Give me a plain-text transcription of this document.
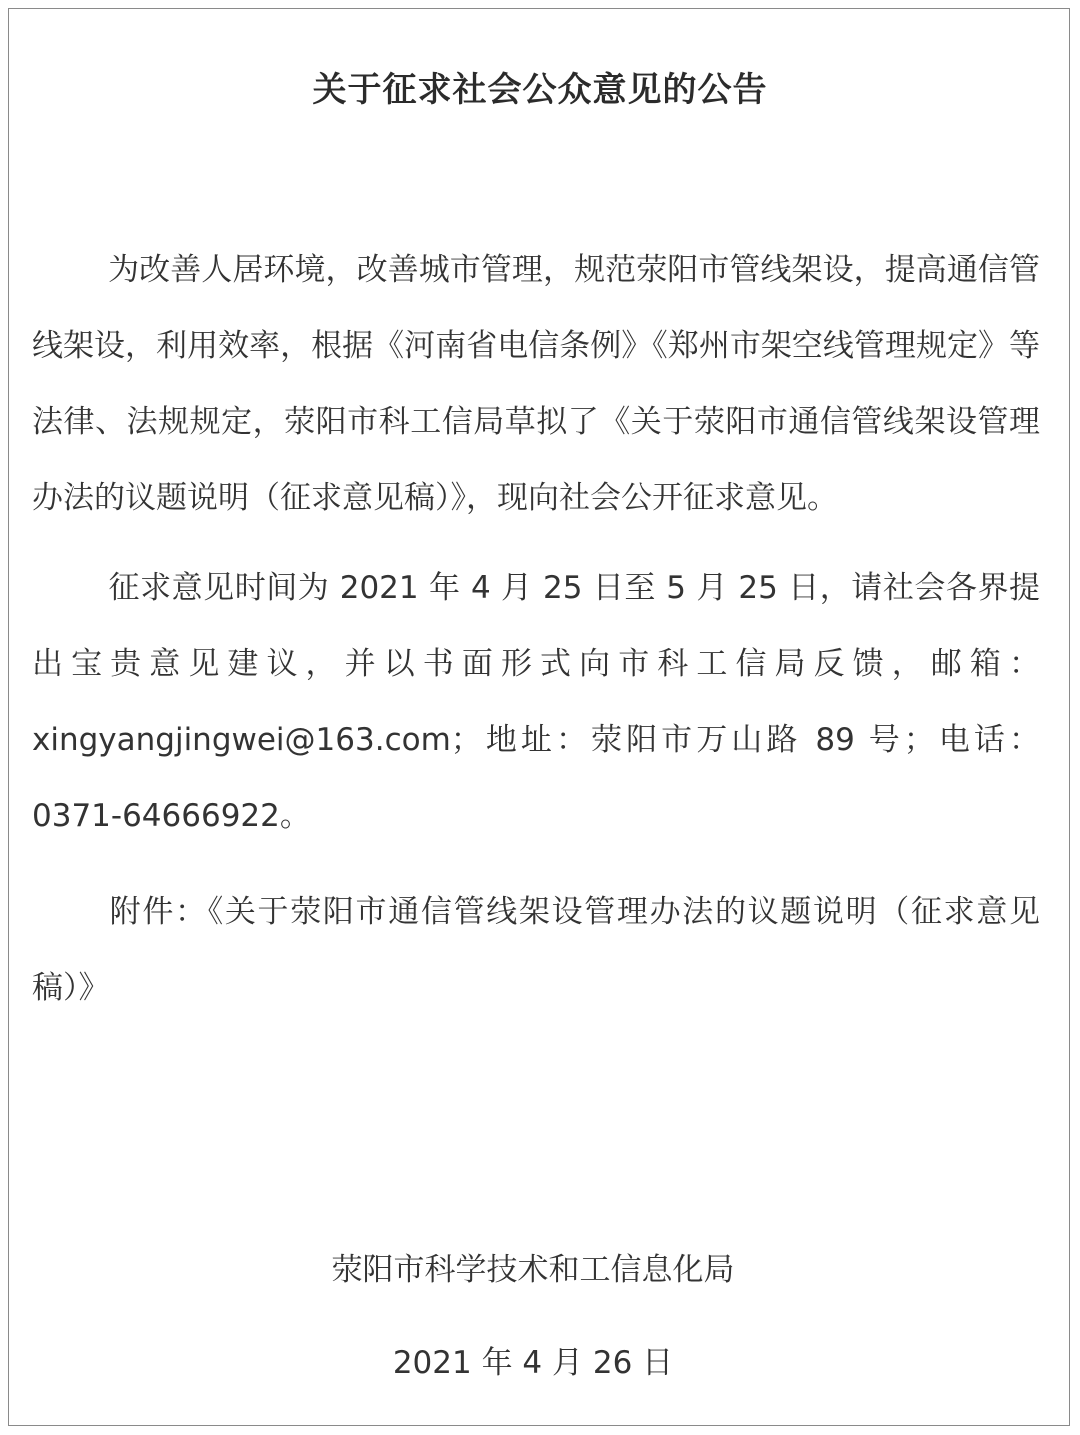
关于征求社会公众意见的公告

为改善人居环境，改善城市管理，规范荥阳市管线架设，提高通信管线架设，利用效率，根据《河南省电信条例》《郑州市架空线管理规定》等法律、法规规定，荥阳市科工信局草拟了《关于荥阳市通信管线架设管理办法的议题说明（征求意见稿）》，现向社会公开征求意见。

征求意见时间为 2021 年 4 月 25 日至 5 月 25 日，请社会各界提出宝贵意见建议，并以书面形式向市科工信局反馈，邮箱：xingyangjingwei@163.com；地址：荥阳市万山路 89 号；电话：0371-64666922。

附件：《关于荥阳市通信管线架设管理办法的议题说明（征求意见稿）》

荥阳市科学技术和工信息化局
2021 年 4 月 26 日
